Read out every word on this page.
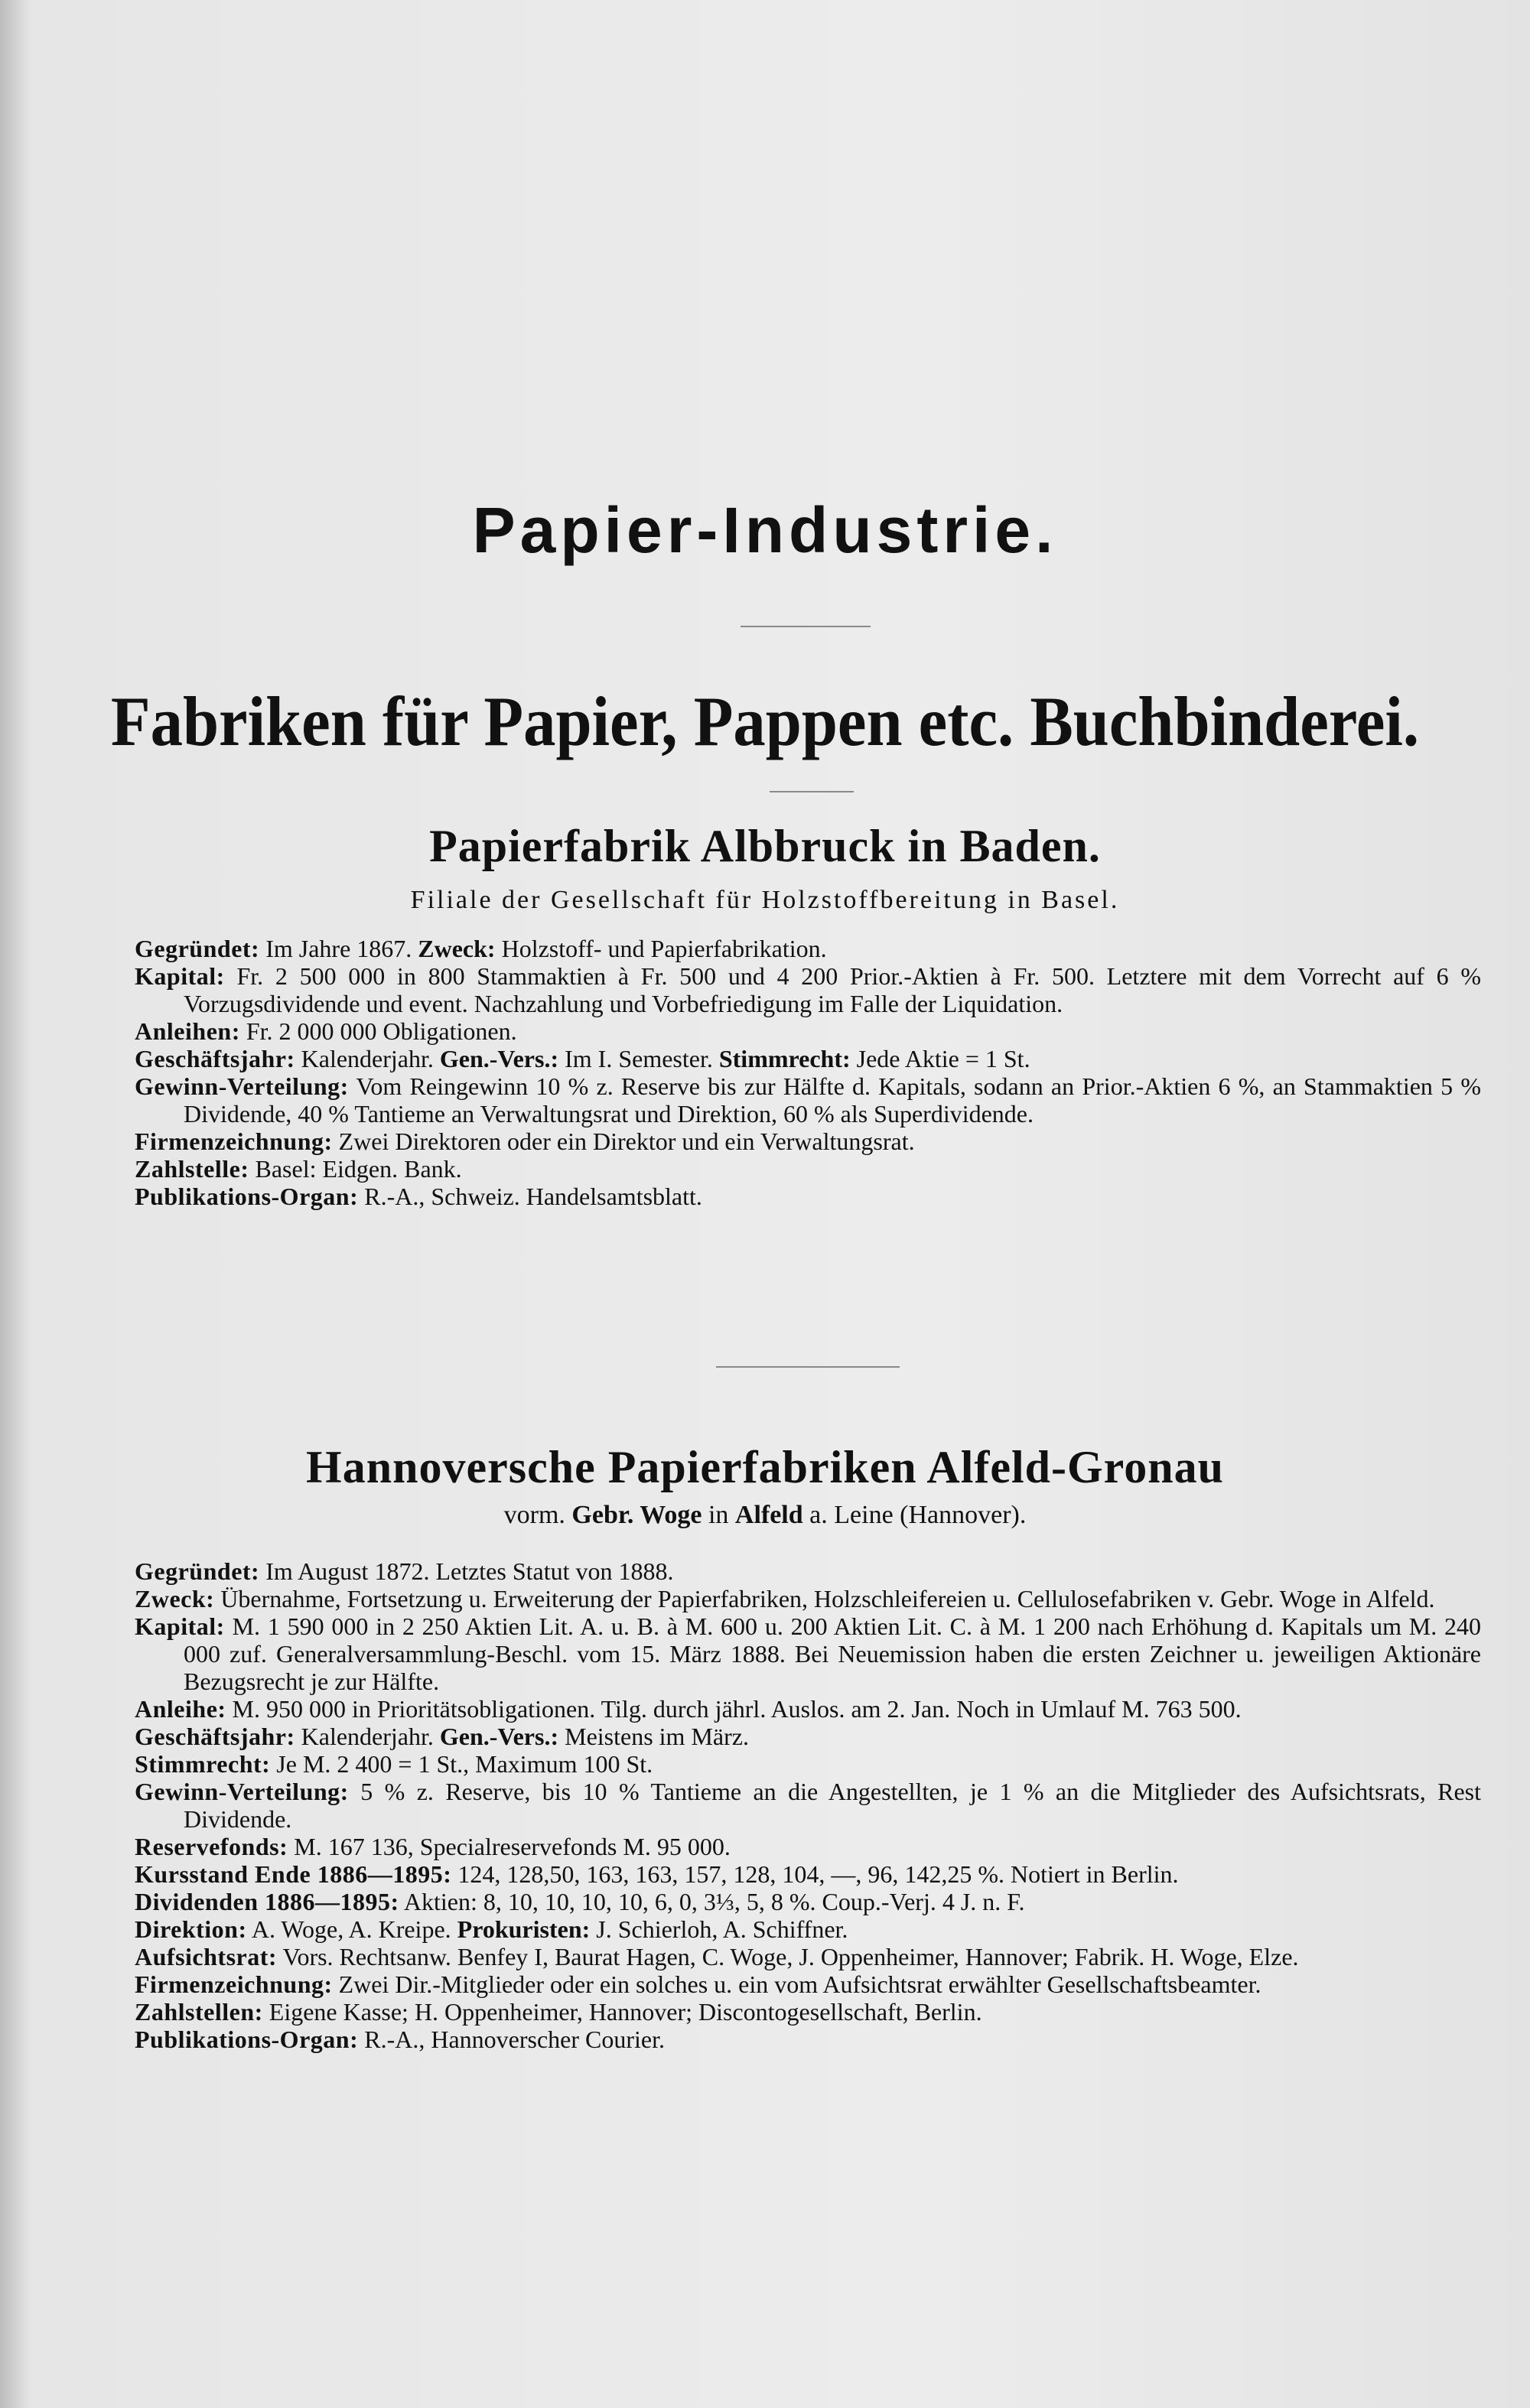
Papier-Industrie.
Fabriken für Papier, Pappen etc. Buchbinderei.
Papierfabrik Albbruck in Baden.

Filiale der Gesellschaft für Holzstoffbereitung in Basel.

Gegründet: Im Jahre 1867. Zweck: Holzstoff- und Papierfabrikation.

Kapital: Fr. 2 500 000 in 800 Stammaktien à Fr. 500 und 4 200 Prior.-Aktien à Fr. 500. Letztere mit dem Vorrecht auf 6 % Vorzugsdividende und event. Nachzahlung und Vorbefriedigung im Falle der Liquidation.

Anleihen: Fr. 2 000 000 Obligationen.

Geschäftsjahr: Kalenderjahr. Gen.-Vers.: Im I. Semester. Stimmrecht: Jede Aktie = 1 St.

Gewinn-Verteilung: Vom Reingewinn 10 % z. Reserve bis zur Hälfte d. Kapitals, sodann an Prior.-Aktien 6 %, an Stammaktien 5 % Dividende, 40 % Tantieme an Verwaltungsrat und Direktion, 60 % als Superdividende.

Firmenzeichnung: Zwei Direktoren oder ein Direktor und ein Verwaltungsrat.

Zahlstelle: Basel: Eidgen. Bank.

Publikations-Organ: R.-A., Schweiz. Handelsamtsblatt.

Hannoversche Papierfabriken Alfeld-Gronau

vorm. Gebr. Woge in Alfeld a. Leine (Hannover).

Gegründet: Im August 1872. Letztes Statut von 1888.

Zweck: Übernahme, Fortsetzung u. Erweiterung der Papierfabriken, Holzschleifereien u. Cellulosefabriken v. Gebr. Woge in Alfeld.

Kapital: M. 1 590 000 in 2 250 Aktien Lit. A. u. B. à M. 600 u. 200 Aktien Lit. C. à M. 1 200 nach Erhöhung d. Kapitals um M. 240 000 zuf. Generalversammlung-Beschl. vom 15. März 1888. Bei Neuemission haben die ersten Zeichner u. jeweiligen Aktionäre Bezugsrecht je zur Hälfte.

Anleihe: M. 950 000 in Prioritätsobligationen. Tilg. durch jährl. Auslos. am 2. Jan. Noch in Umlauf M. 763 500.

Geschäftsjahr: Kalenderjahr. Gen.-Vers.: Meistens im März.

Stimmrecht: Je M. 2 400 = 1 St., Maximum 100 St.

Gewinn-Verteilung: 5 % z. Reserve, bis 10 % Tantieme an die Angestellten, je 1 % an die Mitglieder des Aufsichtsrats, Rest Dividende.

Reservefonds: M. 167 136, Specialreservefonds M. 95 000.

Kursstand Ende 1886—1895: 124, 128,50, 163, 163, 157, 128, 104, —, 96, 142,25 %. Notiert in Berlin.

Dividenden 1886—1895: Aktien: 8, 10, 10, 10, 10, 6, 0, 3⅓, 5, 8 %. Coup.-Verj. 4 J. n. F.

Direktion: A. Woge, A. Kreipe. Prokuristen: J. Schierloh, A. Schiffner.

Aufsichtsrat: Vors. Rechtsanw. Benfey I, Baurat Hagen, C. Woge, J. Oppenheimer, Hannover; Fabrik. H. Woge, Elze.

Firmenzeichnung: Zwei Dir.-Mitglieder oder ein solches u. ein vom Aufsichtsrat erwählter Gesellschaftsbeamter.

Zahlstellen: Eigene Kasse; H. Oppenheimer, Hannover; Discontogesellschaft, Berlin.

Publikations-Organ: R.-A., Hannoverscher Courier.
